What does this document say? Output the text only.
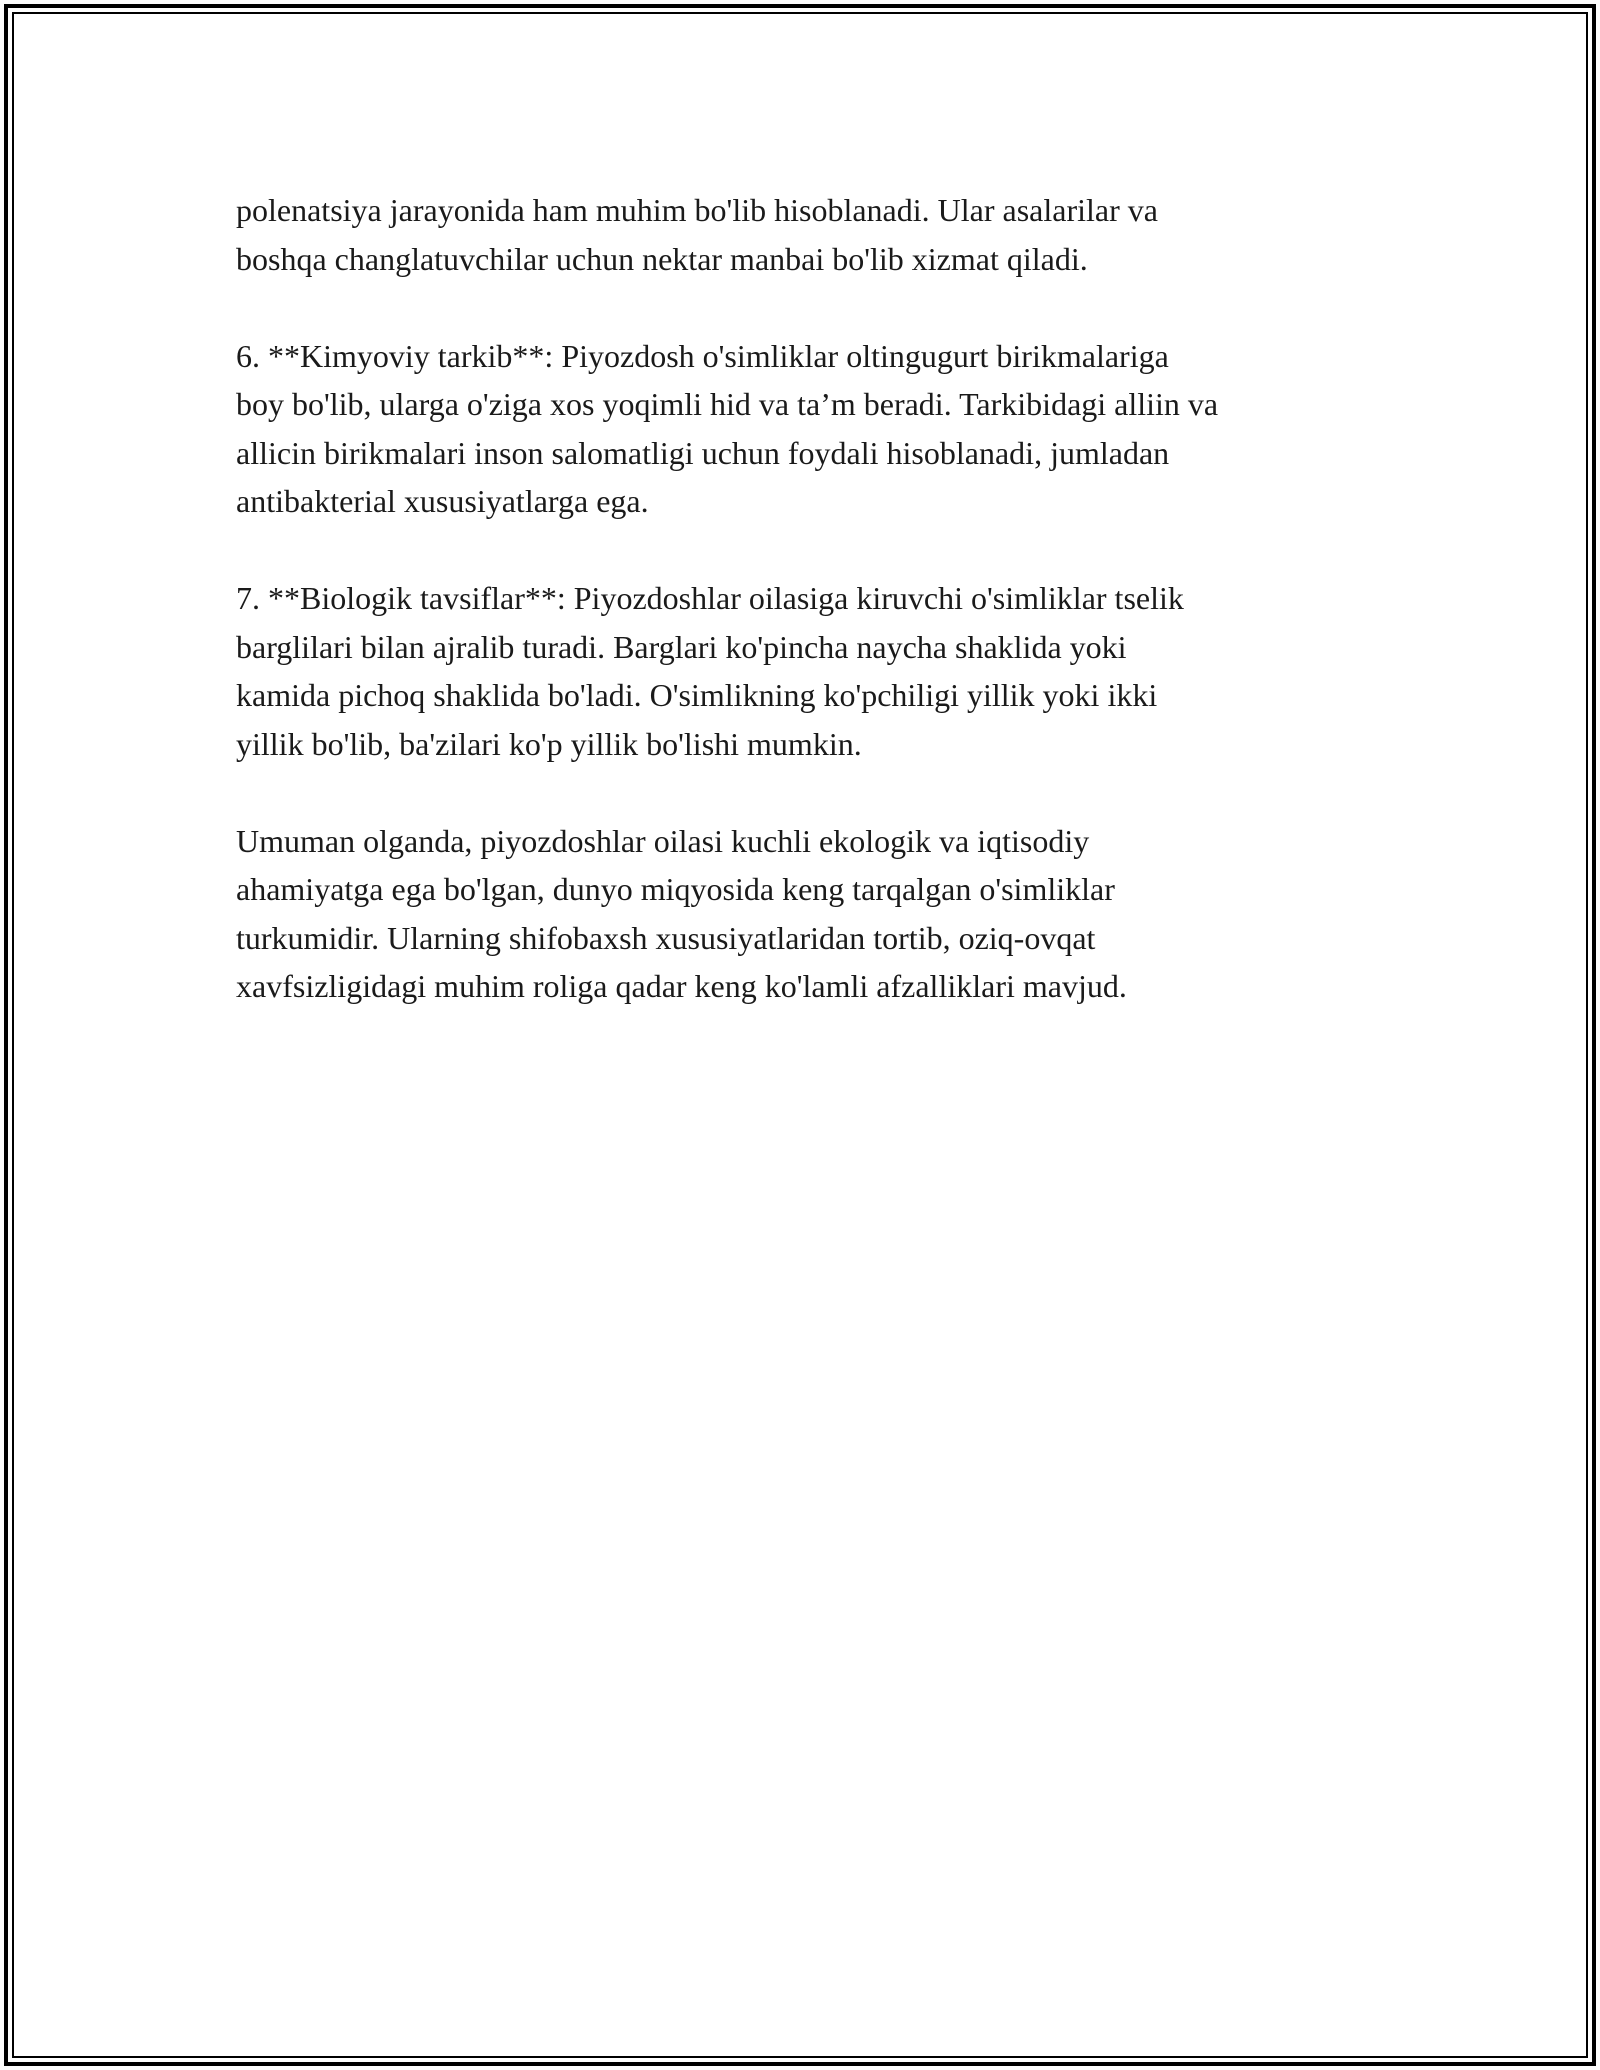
polenatsiya jarayonida ham muhim bo'lib hisoblanadi. Ular asalarilar va
boshqa changlatuvchilar uchun nektar manbai bo'lib xizmat qiladi.

6. **Kimyoviy tarkib**: Piyozdosh o'simliklar oltingugurt birikmalariga
boy bo'lib, ularga o'ziga xos yoqimli hid va ta’m beradi. Tarkibidagi alliin va
allicin birikmalari inson salomatligi uchun foydali hisoblanadi, jumladan
antibakterial xususiyatlarga ega.

7. **Biologik tavsiflar**: Piyozdoshlar oilasiga kiruvchi o'simliklar tselik
barglilari bilan ajralib turadi. Barglari ko'pincha naycha shaklida yoki
kamida pichoq shaklida bo'ladi. O'simlikning ko'pchiligi yillik yoki ikki
yillik bo'lib, ba'zilari ko'p yillik bo'lishi mumkin.

Umuman olganda, piyozdoshlar oilasi kuchli ekologik va iqtisodiy
ahamiyatga ega bo'lgan, dunyo miqyosida keng tarqalgan o'simliklar
turkumidir. Ularning shifobaxsh xususiyatlaridan tortib, oziq-ovqat
xavfsizligidagi muhim roliga qadar keng ko'lamli afzalliklari mavjud.
